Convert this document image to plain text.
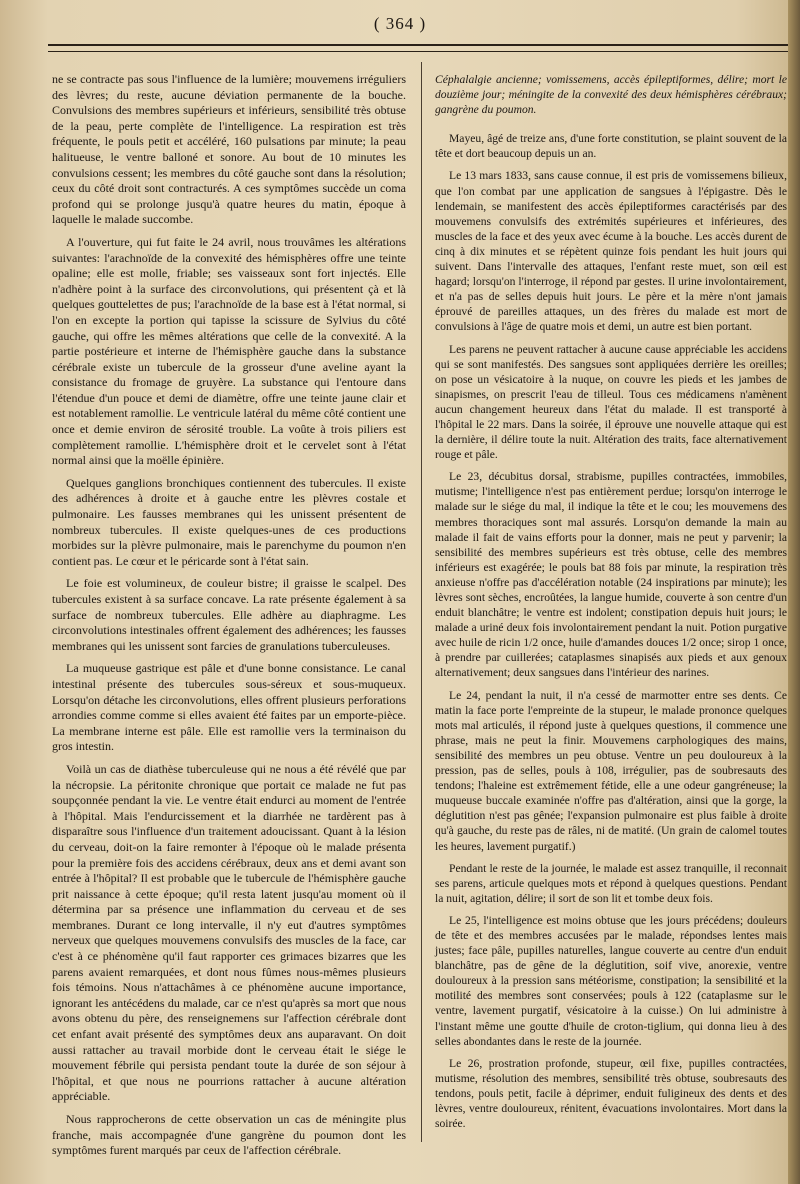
( 364 )

ne se contracte pas sous l'influence de la lumière; mouvemens irréguliers des lèvres; du reste, aucune déviation permanente de la bouche. Convulsions des membres supérieurs et inférieurs, sensibilité très obtuse de la peau, perte complète de l'intelligence. La respiration est très fréquente, le pouls petit et accéléré, 160 pulsations par minute; la peau halitueuse, le ventre balloné et sonore. Au bout de 10 minutes les convulsions cessent; les membres du côté gauche sont dans la résolution; ceux du côté droit sont contracturés. A ces symptômes succède un coma profond qui se prolonge jusqu'à quatre heures du matin, époque à laquelle le malade succombe.

A l'ouverture, qui fut faite le 24 avril, nous trouvâmes les altérations suivantes: l'arachnoïde de la convexité des hémisphères offre une teinte opaline; elle est molle, friable; ses vaisseaux sont fort injectés. Elle n'adhère point à la surface des circonvolutions, qui présentent çà et là quelques gouttelettes de pus; l'arachnoïde de la base est à l'état normal, si l'on en excepte la portion qui tapisse la scissure de Sylvius du côté gauche, qui offre les mêmes altérations que celle de la convexité. A la partie postérieure et interne de l'hémisphère gauche dans la substance cérébrale existe un tubercule de la grosseur d'une aveline ayant la consistance du fromage de gruyère. La substance qui l'entoure dans l'étendue d'un pouce et demi de diamètre, offre une teinte jaune clair et est notablement ramollie. Le ventricule latéral du même côté contient une once et demie environ de sérosité trouble. La voûte à trois piliers est complètement ramollie. L'hémisphère droit et le cervelet sont à l'état normal ainsi que la moëlle épinière.

Quelques ganglions bronchiques contiennent des tubercules. Il existe des adhérences à droite et à gauche entre les plèvres costale et pulmonaire. Les fausses membranes qui les unissent présentent de nombreux tubercules. Il existe quelques-unes de ces productions morbides sur la plèvre pulmonaire, mais le parenchyme du poumon n'en contient pas. Le cœur et le péricarde sont à l'état sain.

Le foie est volumineux, de couleur bistre; il graisse le scalpel. Des tubercules existent à sa surface concave. La rate présente également à sa surface de nombreux tubercules. Elle adhère au diaphragme. Les circonvolutions intestinales offrent également des adhérences; les fausses membranes qui les unissent sont farcies de granulations tuberculeuses.

La muqueuse gastrique est pâle et d'une bonne consistance. Le canal intestinal présente des tubercules sous-séreux et sous-muqueux. Lorsqu'on détache les circonvolutions, elles offrent plusieurs perforations arrondies comme comme si elles avaient été faites par un emporte-pièce. La membrane interne est pâle. Elle est ramollie vers la terminaison du gros intestin.

Voilà un cas de diathèse tuberculeuse qui ne nous a été révélé que par la nécropsie. La péritonite chronique que portait ce malade ne fut pas soupçonnée pendant la vie. Le ventre était endurci au moment de l'entrée à l'hôpital. Mais l'endurcissement et la diarrhée ne tardèrent pas à disparaître sous l'influence d'un traitement adoucissant. Quant à la lésion du cerveau, doit-on la faire remonter à l'époque où le malade présenta pour la première fois des accidens cérébraux, deux ans et demi avant son entrée à l'hôpital? Il est probable que le tubercule de l'hémisphère gauche prit naissance à cette époque; qu'il resta latent jusqu'au moment où il détermina par sa présence une inflammation du cerveau et de ses membranes. Durant ce long intervalle, il n'y eut d'autres symptômes nerveux que quelques mouvemens convulsifs des muscles de la face, car c'est à ce phénomène qu'il faut rapporter ces grimaces bizarres que les parens avaient remarquées, et dont nous fûmes nous-mêmes plusieurs fois témoins. Nous n'attachâmes à ce phénomène aucune importance, ignorant les antécédens du malade, car ce n'est qu'après sa mort que nous avons obtenu du père, des renseignemens sur l'affection cérébrale dont cet enfant avait présenté des symptômes deux ans auparavant. On doit aussi rattacher au travail morbide dont le cerveau était le siége le mouvement fébrile qui persista pendant toute la durée de son séjour à l'hôpital, et que nous ne pourrions rattacher à aucune altération appréciable.

Nous rapprocherons de cette observation un cas de méningite plus franche, mais accompagnée d'une gangrène du poumon dont les symptômes furent marqués par ceux de l'affection cérébrale.

Céphalalgie ancienne; vomissemens, accès épileptiformes, délire; mort le douzième jour; méningite de la convexité des deux hémisphères cérébraux; gangrène du poumon.

Mayeu, âgé de treize ans, d'une forte constitution, se plaint souvent de la tête et dort beaucoup depuis un an.

Le 13 mars 1833, sans cause connue, il est pris de vomissemens bilieux, que l'on combat par une application de sangsues à l'épigastre. Dès le lendemain, se manifestent des accès épileptiformes caractérisés par des mouvemens convulsifs des extrémités supérieures et inférieures, des muscles de la face et des yeux avec écume à la bouche. Les accès durent de cinq à dix minutes et se répètent quinze fois pendant les huit jours qui suivent. Dans l'intervalle des attaques, l'enfant reste muet, son œil est hagard; lorsqu'on l'interroge, il répond par gestes. Il urine involontairement, et n'a pas de selles depuis huit jours. Le père et la mère n'ont jamais éprouvé de pareilles attaques, un des frères du malade est mort de convulsions à l'âge de quatre mois et demi, un autre est bien portant.

Les parens ne peuvent rattacher à aucune cause appréciable les accidens qui se sont manifestés. Des sangsues sont appliquées derrière les oreilles; on pose un vésicatoire à la nuque, on couvre les pieds et les jambes de sinapismes, on prescrit l'eau de tilleul. Tous ces médicamens n'amènent aucun changement heureux dans l'état du malade. Il est transporté à l'hôpital le 22 mars. Dans la soirée, il éprouve une nouvelle attaque qui est la dernière, il délire toute la nuit. Altération des traits, face alternativement rouge et pâle.

Le 23, décubitus dorsal, strabisme, pupilles contractées, immobiles, mutisme; l'intelligence n'est pas entièrement perdue; lorsqu'on interroge le malade sur le siége du mal, il indique la tête et le cou; les mouvemens des membres thoraciques sont mal assurés. Lorsqu'on demande la main au malade il fait de vains efforts pour la donner, mais ne peut y parvenir; la sensibilité des membres supérieurs est très obtuse, celle des membres inférieurs est exagérée; le pouls bat 88 fois par minute, la respiration très anxieuse n'offre pas d'accélération notable (24 inspirations par minute); les lèvres sont sèches, encroûtées, la langue humide, couverte à son centre d'un enduit blanchâtre; le ventre est indolent; constipation depuis huit jours; le malade a uriné deux fois involontairement pendant la nuit. Potion purgative avec huile de ricin 1/2 once, huile d'amandes douces 1/2 once; sirop 1 once, à prendre par cuillerées; cataplasmes sinapisés aux pieds et aux genoux alternativement; deux sangsues dans l'intérieur des narines.

Le 24, pendant la nuit, il n'a cessé de marmotter entre ses dents. Ce matin la face porte l'empreinte de la stupeur, le malade prononce quelques mots mal articulés, il répond juste à quelques questions, il commence une phrase, mais ne peut la finir. Mouvemens carphologiques des mains, sensibilité des membres un peu obtuse. Ventre un peu douloureux à la pression, pas de selles, pouls à 108, irrégulier, pas de soubresauts des tendons; l'haleine est extrêmement fétide, elle a une odeur gangréneuse; la muqueuse buccale examinée n'offre pas d'altération, ainsi que la gorge, la déglutition n'est pas gênée; l'expansion pulmonaire est plus faible à droite qu'à gauche, du reste pas de râles, ni de matité. (Un grain de calomel toutes les heures, lavement purgatif.)

Pendant le reste de la journée, le malade est assez tranquille, il reconnait ses parens, articule quelques mots et répond à quelques questions. Pendant la nuit, agitation, délire; il sort de son lit et tombe deux fois.

Le 25, l'intelligence est moins obtuse que les jours précédens; douleurs de tête et des membres accusées par le malade, répondses lentes mais justes; face pâle, pupilles naturelles, langue couverte au centre d'un enduit blanchâtre, pas de gêne de la déglutition, soif vive, anorexie, ventre douloureux à la pression sans météorisme, constipation; la sensibilité et la motilité des membres sont conservées; pouls à 122 (cataplasme sur le ventre, lavement purgatif, vésicatoire à la cuisse.) On lui administre à l'instant même une goutte d'huile de croton-tiglium, qui donna lieu à des selles abondantes dans le reste de la journée.

Le 26, prostration profonde, stupeur, œil fixe, pupilles contractées, mutisme, résolution des membres, sensibilité très obtuse, soubresauts des tendons, pouls petit, facile à déprimer, enduit fuligineux des dents et des lèvres, ventre douloureux, rénitent, évacuations involontaires. Mort dans la soirée.
